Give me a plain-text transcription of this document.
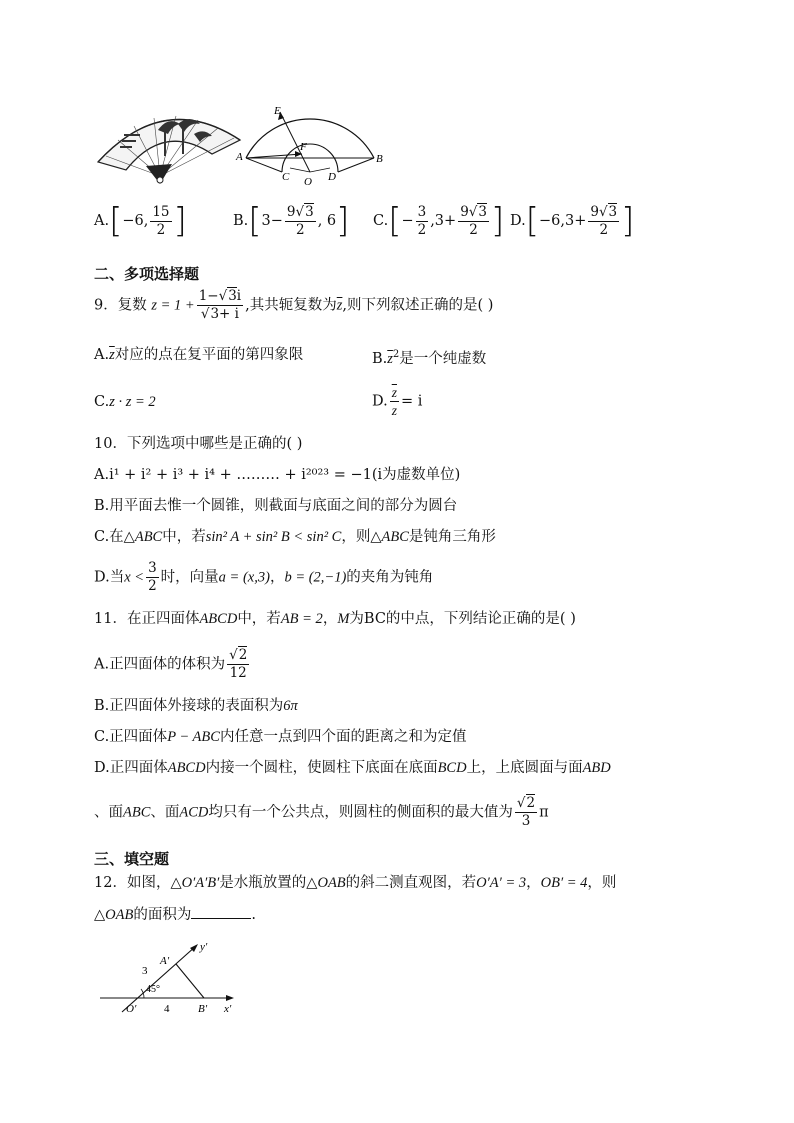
E
A
F
B
C O D
A.[−6, $\frac{15}{2}$ ]	$B.[3- \frac{9√3}{2}$ , 6] $C.[- \frac{3}{2} ,3+ \frac{9√3}{2}$ ] $D.[-6,3+ \frac{9√3}{2}$ ]
二、多项选择题
9．复数 $z = 1 + \frac{1-√3i}{√3+ i}$ ,其共轭复数为$\overline{z}$,则下列叙述正确的是( )
$A.\overline{z}$对应的点在复平面的第四象限	$B.\overline{z}^2$是一个纯虚数
C.z · z = 2	D. $\frac{\overline{z}}{z} = i$
10．下列选项中哪些是正确的( )
A.i¹ + i² + i³ + i⁴ + ……… + i²⁰²³ = −1(i为虚数单位)
B.用平面去惟一个圆锥，则截面与底面之间的部分为圆台
C.在△ABC中，若sin² A + sin² B < sin² C，则△ABC是钝角三角形
D.当$x < \frac{3}{2}$ 时，向量a = (x,3)，b = (2,−1)的夹角为钝角
11．在正四面体ABCD中，若AB = 2，M为BC的中点，下列结论正确的是( )
A.正四面体的体积为 $\frac{√2}{12}$
B.正四面体外接球的表面积为6π
C.正四面体P − ABC内任意一点到四个面的距离之和为定值
D.正四面体ABCD内接一个圆柱，使圆柱下底面在底面BCD上，上底圆面与面ABD
、面ABC、面ACD均只有一个公共点，则圆柱的侧面积的最大值为 $\frac{√2}{3}$ π
三、填空题
12．如图，△O′A′B′是水瓶放置的△OAB的斜二测直观图，若O′A′ = 3，OB′ = 4，则
△OAB的面积为	.
y′
A′
3
45°
O′	4	B′ x′
